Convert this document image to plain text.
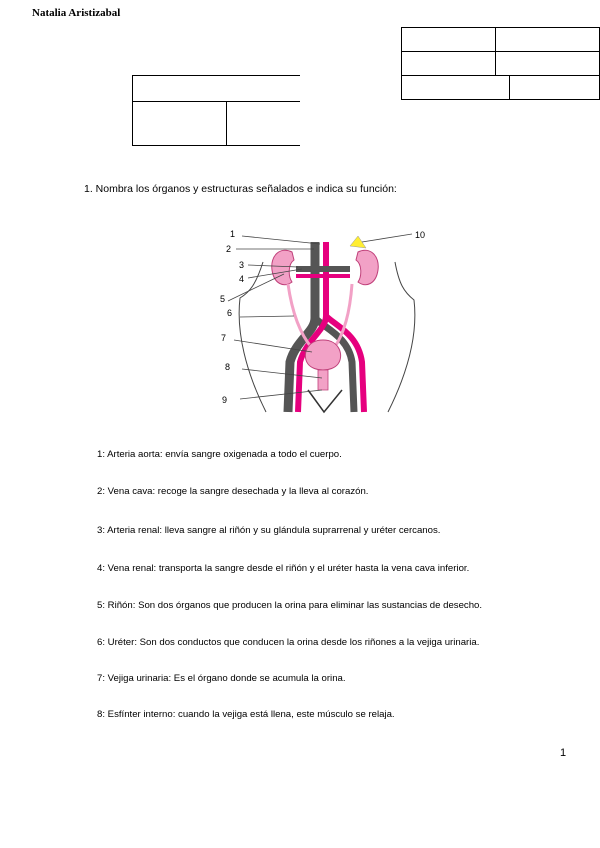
Natalia Aristizabal

1. Nombra los órganos y estructuras señalados e indica su función:
1
2
3
4
5
6
7
8
9
10
1: Arteria aorta: envía sangre oxigenada a todo el cuerpo.
2: Vena cava: recoge la sangre desechada y la lleva al corazón.
3: Arteria renal: lleva sangre al riñón y su glándula suprarrenal y uréter cercanos.
4: Vena renal: transporta la sangre desde el riñón y el uréter hasta la vena cava inferior.
5: Riñón: Son dos órganos que producen la orina para eliminar las sustancias de desecho.
6: Uréter: Son dos conductos que conducen la orina desde los riñones a la vejiga urinaria.
7: Vejiga urinaria: Es el órgano donde se acumula la orina.
8: Esfínter interno: cuando la vejiga está llena, este músculo se relaja.
1
